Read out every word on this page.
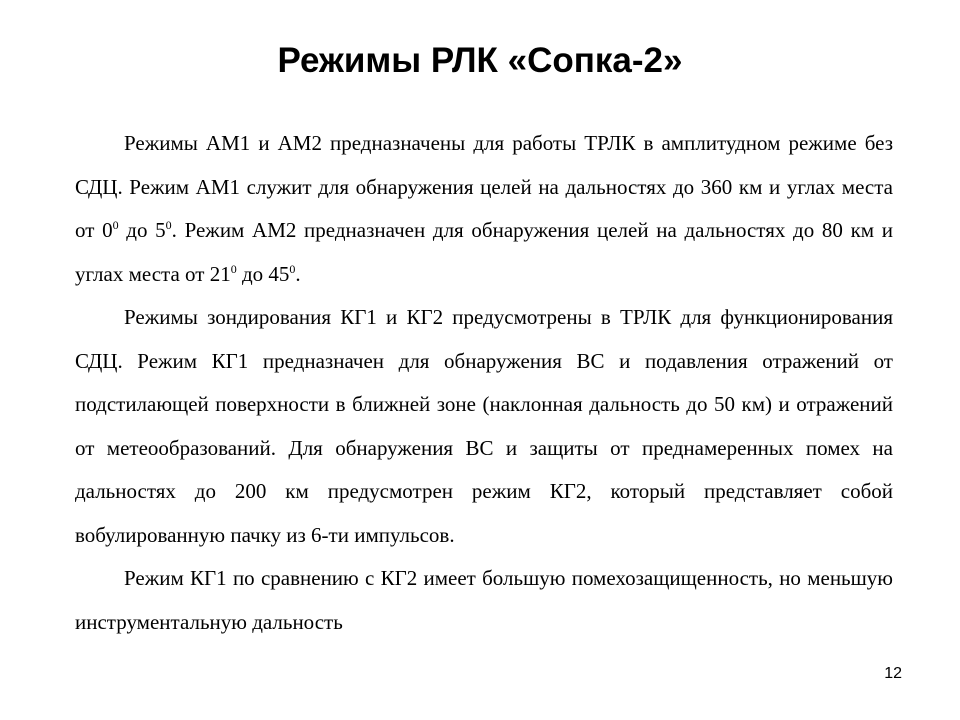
Режимы РЛК «Сопка-2»

Режимы АМ1 и АМ2 предназначены для работы ТРЛК в амплитудном режиме без СДЦ. Режим АМ1 служит для обнаружения целей на дальностях до 360 км и углах места от $0^0$ до $5^0$. Режим АМ2 предназначен для обнаружения целей на дальностях до 80 км и углах места от $21^0$ до $45^0$.

Режимы зондирования КГ1 и КГ2 предусмотрены в ТРЛК для функционирования СДЦ. Режим КГ1 предназначен для обнаружения ВС и подавления отражений от подстилающей поверхности в ближней зоне (наклонная дальность до 50 км) и отражений от метеообразований. Для обнаружения ВС и защиты от преднамеренных помех на дальностях до 200 км предусмотрен режим КГ2, который представляет собой вобулированную пачку из 6-ти импульсов.

Режим КГ1 по сравнению с КГ2 имеет большую помехозащищенность, но меньшую инструментальную дальность

12
